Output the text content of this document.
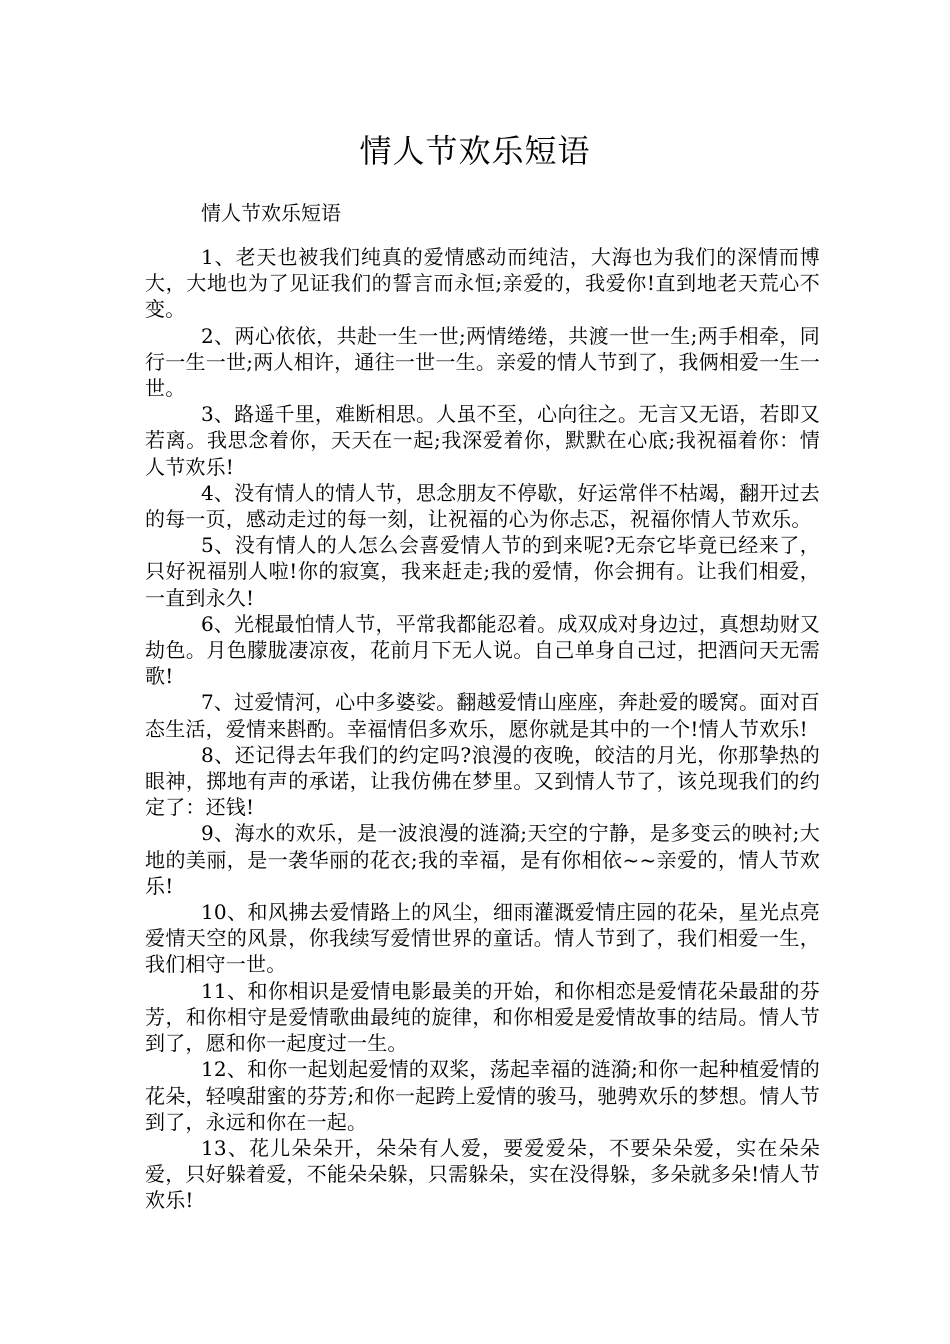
情人节欢乐短语

情人节欢乐短语

1、老天也被我们纯真的爱情感动而纯洁，大海也为我们的深情而博大，大地也为了见证我们的誓言而永恒;亲爱的，我爱你!直到地老天荒心不变。

2、两心依依，共赴一生一世;两情绻绻，共渡一世一生;两手相牵，同行一生一世;两人相许，通往一世一生。亲爱的情人节到了，我俩相爱一生一世。

3、路遥千里，难断相思。人虽不至，心向往之。无言又无语，若即又若离。我思念着你，天天在一起;我深爱着你，默默在心底;我祝福着你：情人节欢乐!

4、没有情人的情人节，思念朋友不停歇，好运常伴不枯竭，翻开过去的每一页，感动走过的每一刻，让祝福的心为你忐忑，祝福你情人节欢乐。

5、没有情人的人怎么会喜爱情人节的到来呢?无奈它毕竟已经来了，只好祝福别人啦!你的寂寞，我来赶走;我的爱情，你会拥有。让我们相爱，一直到永久!

6、光棍最怕情人节，平常我都能忍着。成双成对身边过，真想劫财又劫色。月色朦胧凄凉夜，花前月下无人说。自己单身自己过，把酒问天无需歌!

7、过爱情河，心中多婆娑。翻越爱情山座座，奔赴爱的暖窝。面对百态生活，爱情来斟酌。幸福情侣多欢乐，愿你就是其中的一个!情人节欢乐!

8、还记得去年我们的约定吗?浪漫的夜晚，皎洁的月光，你那挚热的眼神，掷地有声的承诺，让我仿佛在梦里。又到情人节了，该兑现我们的约定了：还钱!

9、海水的欢乐，是一波浪漫的涟漪;天空的宁静，是多变云的映衬;大地的美丽，是一袭华丽的花衣;我的幸福，是有你相依~~亲爱的，情人节欢乐!

10、和风拂去爱情路上的风尘，细雨灌溉爱情庄园的花朵，星光点亮爱情天空的风景，你我续写爱情世界的童话。情人节到了，我们相爱一生，我们相守一世。

11、和你相识是爱情电影最美的开始，和你相恋是爱情花朵最甜的芬芳，和你相守是爱情歌曲最纯的旋律，和你相爱是爱情故事的结局。情人节到了，愿和你一起度过一生。

12、和你一起划起爱情的双桨，荡起幸福的涟漪;和你一起种植爱情的花朵，轻嗅甜蜜的芬芳;和你一起跨上爱情的骏马，驰骋欢乐的梦想。情人节到了，永远和你在一起。

13、花儿朵朵开，朵朵有人爱，要爱爱朵，不要朵朵爱，实在朵朵爱，只好躲着爱，不能朵朵躲，只需躲朵，实在没得躲，多朵就多朵!情人节欢乐!
